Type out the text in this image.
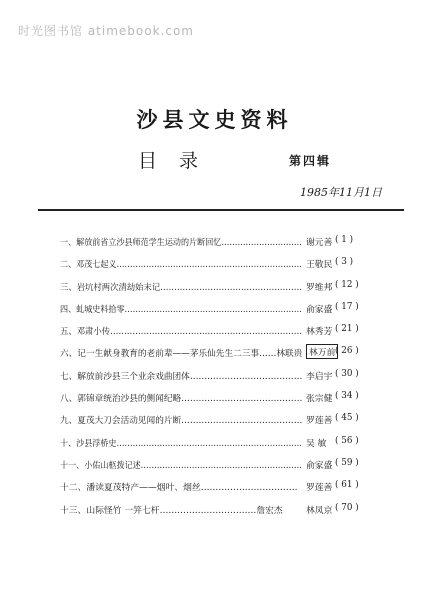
时光图书馆 atimebook.com
沙县文史资料
目录	第四辑
1985年11月1日
一、解放前省立沙县师范学生运动的片断回忆………………………… 谢元善 ( 1 )
二、邓茂七起义…………………………………………………………… 王敬民 ( 3 )
三、岩坑村两次清劫始末记…………………………………………… 罗维邦 ( 12 )
四、虬城史料拾零………………………………………………………… 俞家盛 ( 17 )
五、邓肃小传…………………………………………………………… 林秀芳 ( 21 )
六、记一生献身教育的老前辈——茅乐仙先生二三事……林联贵 林万前 ( 26 )
七、解放前沙县三个业余戏曲团体………………………………… 李启宇 ( 30 )
八、郭锦章统治沙县的侧闻纪略…………………………………… 张宗健 ( 34 )
九、夏茂大刀会活动见闻的片断…………………………………… 罗莲善 ( 45 )
十、沙县浮桥史…………………………………………………………… 吴 敏 ( 56 )
十一、小佑山柩拨记述…………………………………………………… 俞家盛 ( 59 )
十二、潘读夏茂特产——烟叶、烟丝…………………………… 罗莲善 ( 61 )
十三、山际怪竹 一笄七杆……………………………詹宏杰	林凤京 ( 70 )
